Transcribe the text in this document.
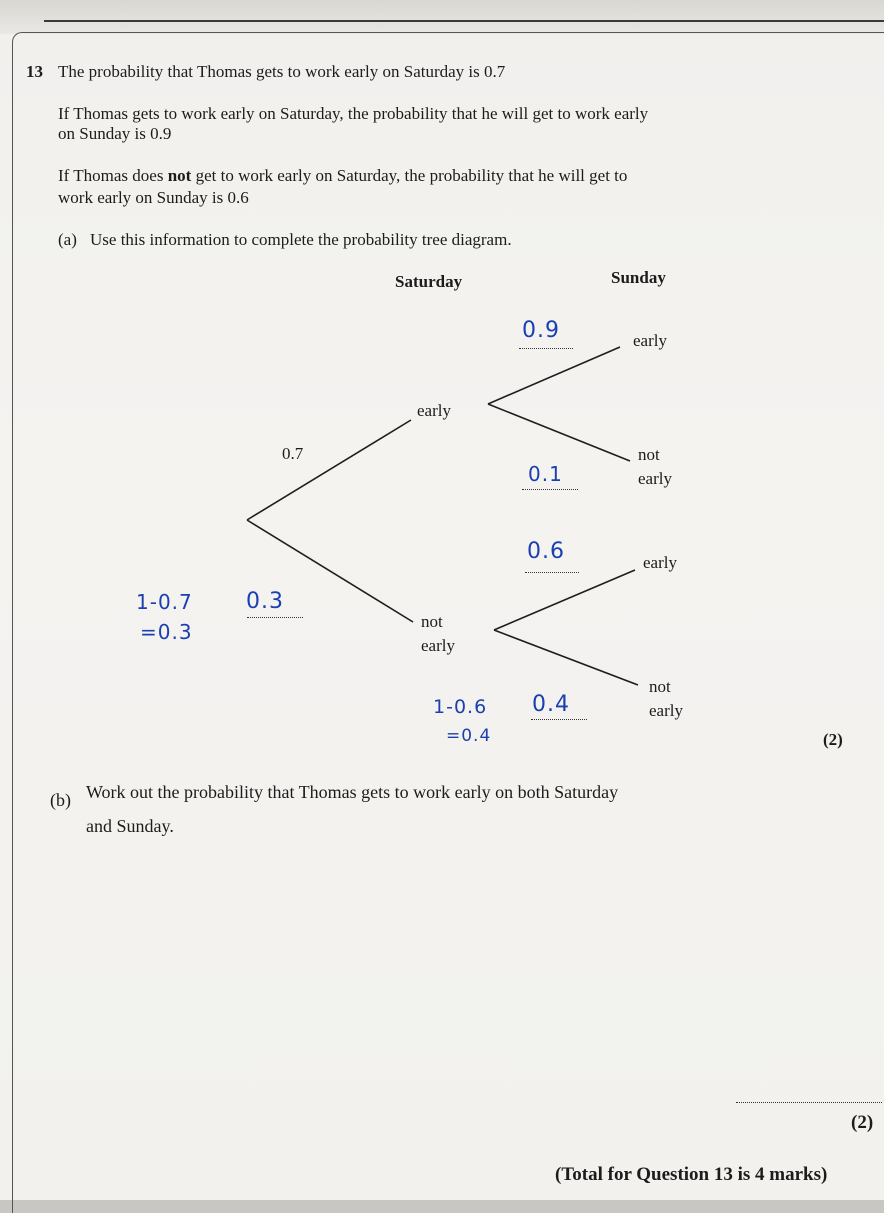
13 The probability that Thomas gets to work early on Saturday is 0.7
If Thomas gets to work early on Saturday, the probability that he will get to work early
on Sunday is 0.9
If Thomas does not get to work early on Saturday, the probability that he will get to
work early on Sunday is 0.6
(a) Use this information to complete the probability tree diagram.
Saturday	Sunday
0.7
early
not
early
early
not
early
early
not
early
0.9
0.1
0.6
0.3
1-0.7
=0.3
0.4
1-0.6
=0.4	(2)
(b) Work out the probability that Thomas gets to work early on both Saturday
and Sunday.
(2)
(Total for Question 13 is 4 marks)
